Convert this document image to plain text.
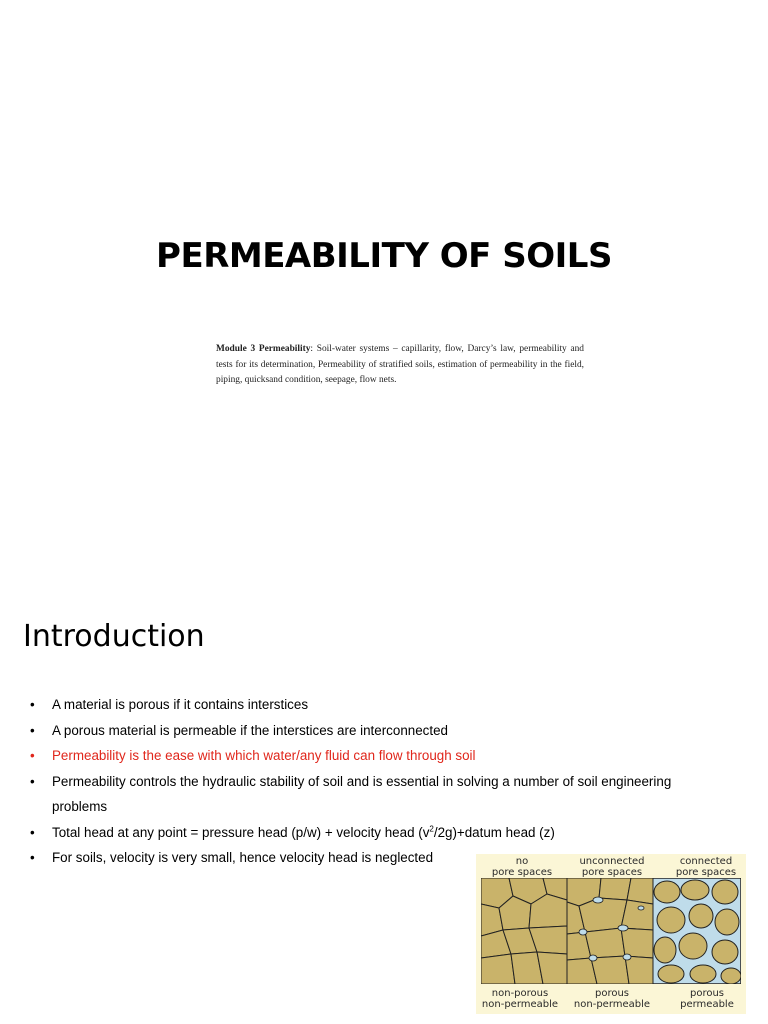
PERMEABILITY OF SOILS
Module 3 Permeability: Soil-water systems – capillarity, flow, Darcy’s law, permeability and tests for its determination, Permeability of stratified soils, estimation of permeability in the field, piping, quicksand condition, seepage, flow nets.
Introduction
• A material is porous if it contains interstices
• A porous material is permeable if the interstices are interconnected
• Permeability is the ease with which water/any fluid can flow through soil
• Permeability controls the hydraulic stability of soil and is essential in solving a number of soil engineering problems
• Total head at any point = pressure head (p/w) + velocity head $(v^2/2g)+datum$ head (z)
• For soils, velocity is very small, hence velocity head is neglected	no
pore spaces
unconnected
pore spaces
connected
pore spaces
non-porous
non-permeable
porous
non-permeable
porous
permeable
